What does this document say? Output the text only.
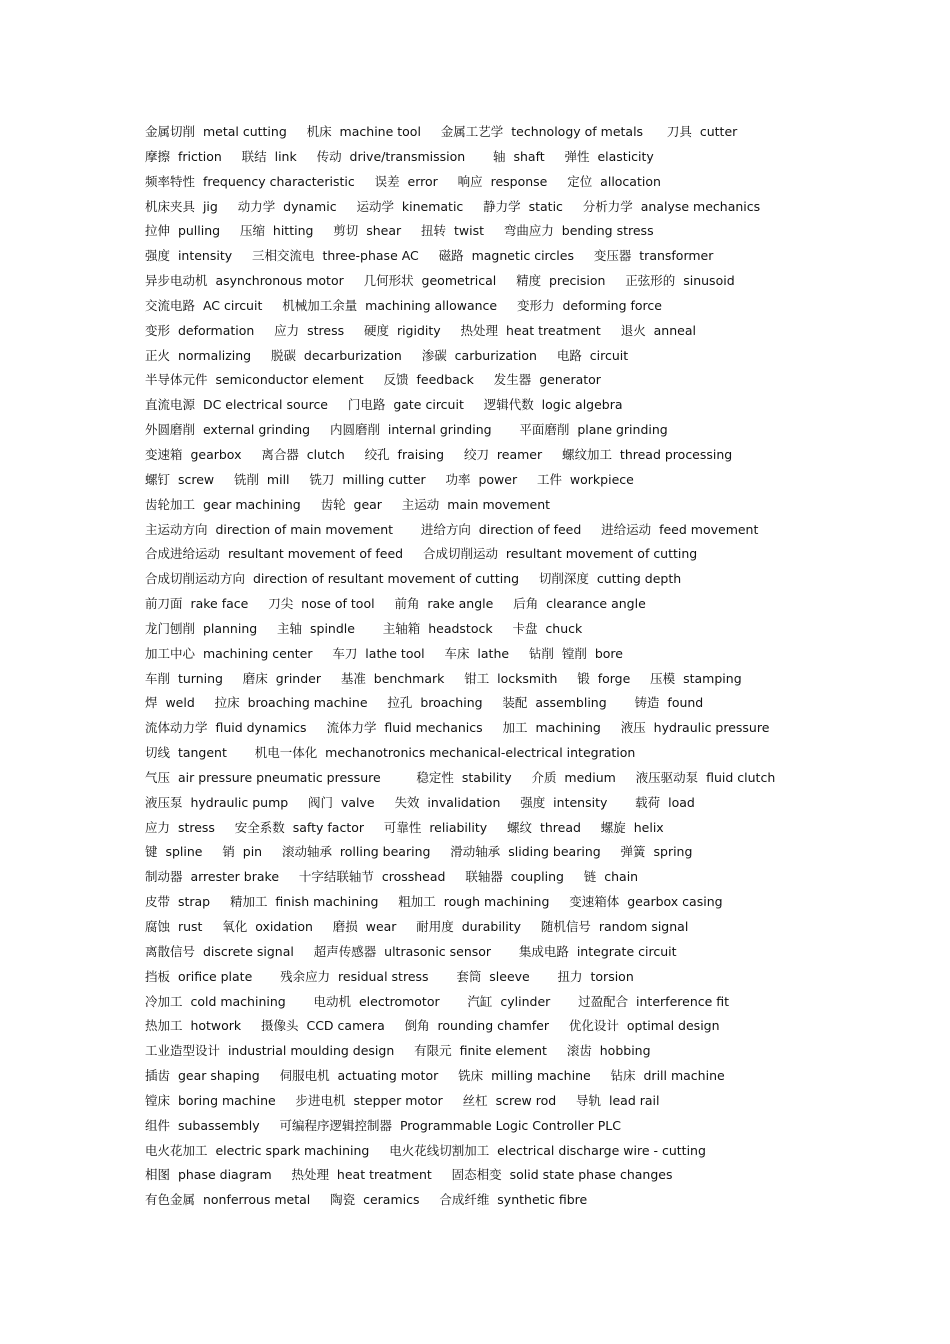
金属切削  metal cutting     机床  machine tool     金属工艺学  technology of metals      刀具  cutter
摩擦  friction     联结  link     传动  drive/transmission       轴  shaft     弹性  elasticity
频率特性  frequency characteristic     误差  error     响应  response     定位  allocation
机床夹具  jig     动力学  dynamic     运动学  kinematic     静力学  static     分析力学  analyse mechanics
拉伸  pulling     压缩  hitting     剪切  shear     扭转  twist     弯曲应力  bending stress
强度  intensity     三相交流电  three-phase AC     磁路  magnetic circles     变压器  transformer
异步电动机  asynchronous motor     几何形状  geometrical     精度  precision     正弦形的  sinusoid
交流电路  AC circuit     机械加工余量  machining allowance     变形力  deforming force
变形  deformation     应力  stress     硬度  rigidity     热处理  heat treatment     退火  anneal
正火  normalizing     脱碳  decarburization     渗碳  carburization     电路  circuit
半导体元件  semiconductor element     反馈  feedback     发生器  generator
直流电源  DC electrical source     门电路  gate circuit     逻辑代数  logic algebra
外圆磨削  external grinding     内圆磨削  internal grinding       平面磨削  plane grinding
变速箱  gearbox     离合器  clutch     绞孔  fraising     绞刀  reamer     螺纹加工  thread processing
螺钉  screw     铣削  mill     铣刀  milling cutter     功率  power     工件  workpiece
齿轮加工  gear machining     齿轮  gear     主运动  main movement
主运动方向  direction of main movement       进给方向  direction of feed     进给运动  feed movement
合成进给运动  resultant movement of feed     合成切削运动  resultant movement of cutting
合成切削运动方向  direction of resultant movement of cutting     切削深度  cutting depth
前刀面  rake face     刀尖  nose of tool     前角  rake angle     后角  clearance angle
龙门刨削  planning     主轴  spindle       主轴箱  headstock     卡盘  chuck
加工中心  machining center     车刀  lathe tool     车床  lathe     钻削  镗削  bore
车削  turning     磨床  grinder     基准  benchmark     钳工  locksmith     锻  forge     压模  stamping
焊  weld     拉床  broaching machine     拉孔  broaching     装配  assembling       铸造  found
流体动力学  fluid dynamics     流体力学  fluid mechanics     加工  machining     液压  hydraulic pressure
切线  tangent       机电一体化  mechanotronics mechanical-electrical integration
气压  air pressure pneumatic pressure         稳定性  stability     介质  medium     液压驱动泵  fluid clutch
液压泵  hydraulic pump     阀门  valve     失效  invalidation     强度  intensity       载荷  load
应力  stress     安全系数  safty factor     可靠性  reliability     螺纹  thread     螺旋  helix
键  spline     销  pin     滚动轴承  rolling bearing     滑动轴承  sliding bearing     弹簧  spring
制动器  arrester brake     十字结联轴节  crosshead     联轴器  coupling     链  chain
皮带  strap     精加工  finish machining     粗加工  rough machining     变速箱体  gearbox casing
腐蚀  rust     氧化  oxidation     磨损  wear     耐用度  durability     随机信号  random signal
离散信号  discrete signal     超声传感器  ultrasonic sensor       集成电路  integrate circuit
挡板  orifice plate       残余应力  residual stress       套筒  sleeve       扭力  torsion
冷加工  cold machining       电动机  electromotor       汽缸  cylinder       过盈配合  interference fit
热加工  hotwork     摄像头  CCD camera     倒角  rounding chamfer     优化设计  optimal design
工业造型设计  industrial moulding design     有限元  finite element     滚齿  hobbing
插齿  gear shaping     伺服电机  actuating motor     铣床  milling machine     钻床  drill machine
镗床  boring machine     步进电机  stepper motor     丝杠  screw rod     导轨  lead rail
组件  subassembly     可编程序逻辑控制器  Programmable Logic Controller PLC
电火花加工  electric spark machining     电火花线切割加工  electrical discharge wire - cutting
相图  phase diagram     热处理  heat treatment     固态相变  solid state phase changes
有色金属  nonferrous metal     陶瓷  ceramics     合成纤维  synthetic fibre
